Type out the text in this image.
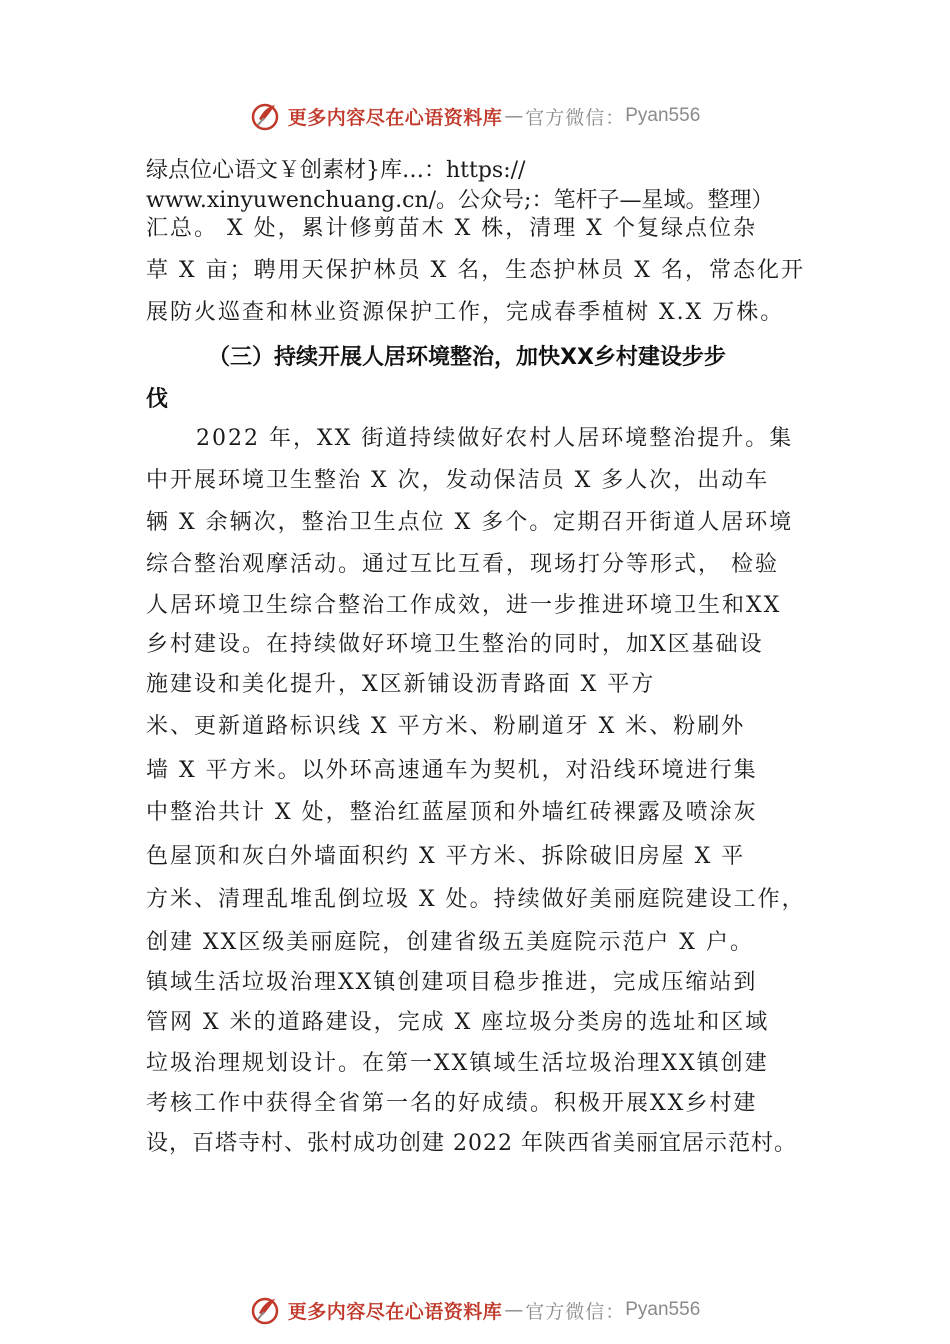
更多内容尽在心语资料库 — 官方微信： Pyan556
绿点位心语文￥创素材}库…：https://
www.xinyuwenchuang.cn/。公众号;：笔杆子—星域。整理）
汇总。 X 处，累计修剪苗木 X 株，清理 X 个复绿点位杂
草 X 亩；聘用天保护林员 X 名，生态护林员 X 名，常态化开
展防火巡查和林业资源保护工作，完成春季植树 X.X 万株。
（三）持续开展人居环境整治，加快XX乡村建设步步
伐
2022 年，XX 街道持续做好农村人居环境整治提升。集
中开展环境卫生整治 X 次，发动保洁员 X 多人次，出动车
辆 X 余辆次，整治卫生点位 X 多个。定期召开街道人居环境
综合整治观摩活动。通过互比互看，现场打分等形式， 检验
人居环境卫生综合整治工作成效，进一步推进环境卫生和XX
乡村建设。在持续做好环境卫生整治的同时，加X区基础设
施建设和美化提升，X区新铺设沥青路面 X 平方
米、更新道路标识线 X 平方米、粉刷道牙 X 米、粉刷外
墙 X 平方米。以外环高速通车为契机，对沿线环境进行集
中整治共计 X 处，整治红蓝屋顶和外墙红砖裸露及喷涂灰
色屋顶和灰白外墙面积约 X 平方米、拆除破旧房屋 X 平
方米、清理乱堆乱倒垃圾 X 处。持续做好美丽庭院建设工作，
创建 XX区级美丽庭院，创建省级五美庭院示范户 X 户。
镇域生活垃圾治理XX镇创建项目稳步推进，完成压缩站到
管网 X 米的道路建设，完成 X 座垃圾分类房的选址和区域
垃圾治理规划设计。在第一XX镇域生活垃圾治理XX镇创建
考核工作中获得全省第一名的好成绩。积极开展XX乡村建
设，百塔寺村、张村成功创建 2022 年陕西省美丽宜居示范村。
更多内容尽在心语资料库 — 官方微信： Pyan556
